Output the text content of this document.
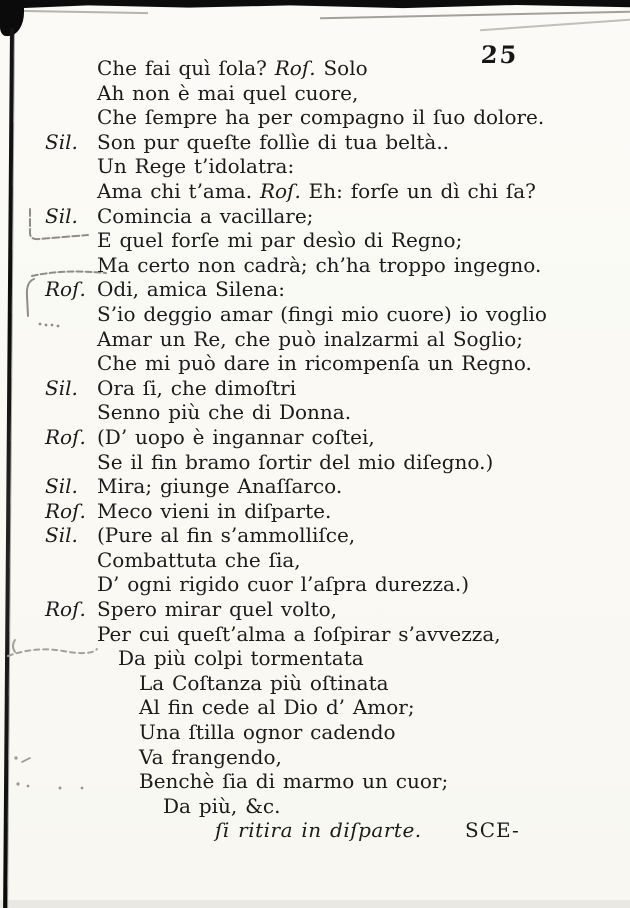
25
Che fai quì ſola? Roſ. Solo
Ah non è mai quel cuore,
Che ſempre ha per compagno il ſuo dolore.
Sil. Son pur queſte follìe di tua beltà..
Un Rege t’idolatra:
Ama chi t’ama. Roſ. Eh: forſe un dì chi ſa?
Sil. Comincia a vacillare;
E quel forſe mi par desìo di Regno;
Ma certo non cadrà; ch’ha troppo ingegno.
Roſ. Odi, amica Silena:
S’io deggio amar (fingi mio cuore) io voglio
Amar un Re, che può inalzarmi al Soglio;
Che mi può dare in ricompenſa un Regno.
Sil. Ora ſi, che dimoſtri
Senno più che di Donna.
Roſ. (D’ uopo è ingannar coſtei,
Se il fin bramo ſortir del mio diſegno.)
Sil. Mira; giunge Anaſſarco.
Roſ. Meco vieni in diſparte.
Sil. (Pure al fin s’ammolliſce,
Combattuta che ſia,
D’ ogni rigido cuor l’aſpra durezza.)
Roſ. Spero mirar quel volto,
Per cui queſt’alma a ſoſpirar s’avvezza,
Da più colpi tormentata
La Coſtanza più oſtinata
Al fin cede al Dio d’ Amor;
Una ſtilla ognor cadendo
Va frangendo,
Benchè ſia di marmo un cuor;
Da più, &c.
ſi ritira in diſparte. SCE-
